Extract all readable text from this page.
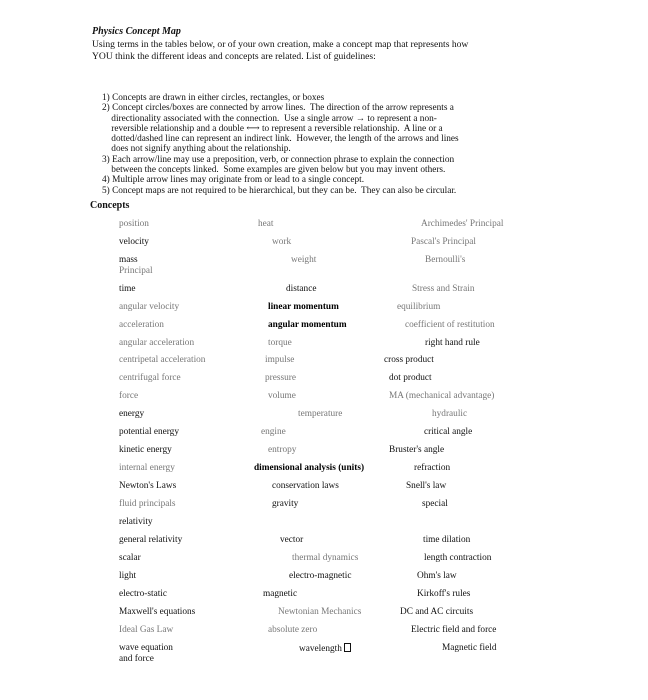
Physics Concept Map
Using terms in the tables below, or of your own creation, make a concept map that represents how
YOU think the different ideas and concepts are related. List of guidelines:
1) Concepts are drawn in either circles, rectangles, or boxes
2) Concept circles/boxes are connected by arrow lines.  The direction of the arrow represents a
directionality associated with the connection.  Use a single arrow → to represent a non-
reversible relationship and a double ⟷ to represent a reversible relationship.  A line or a
dotted/dashed line can represent an indirect link.  However, the length of the arrows and lines
does not signify anything about the relationship.
3) Each arrow/line may use a preposition, verb, or connection phrase to explain the connection
between the concepts linked.  Some examples are given below but you may invent others.
4) Multiple arrow lines may originate from or lead to a single concept.
5) Concept maps are not required to be hierarchical, but they can be.  They can also be circular.
Concepts
position
velocity
mass
Principal
time
angular velocity
acceleration
angular acceleration
centripetal acceleration
centrifugal force
force
energy
potential energy
kinetic energy
internal energy
Newton's Laws
fluid principals
relativity
general relativity
scalar
light
electro-static
Maxwell's equations
Ideal Gas Law
wave equation
and force
heat
work
weight
distance
linear momentum
angular momentum
torque
impulse
pressure
volume
temperature
engine
entropy
dimensional analysis (units)
conservation laws
gravity
vector
thermal dynamics
electro-magnetic
magnetic
Newtonian Mechanics
absolute zero
wavelength
Archimedes' Principal
Pascal's Principal
Bernoulli's
Stress and Strain
equilibrium
coefficient of restitution
right hand rule
cross product
dot product
MA (mechanical advantage)
hydraulic
critical angle
Bruster's angle
refraction
Snell's law
special
time dilation
length contraction
Ohm's law
Kirkoff's rules
DC and AC circuits
Electric field and force
Magnetic field
